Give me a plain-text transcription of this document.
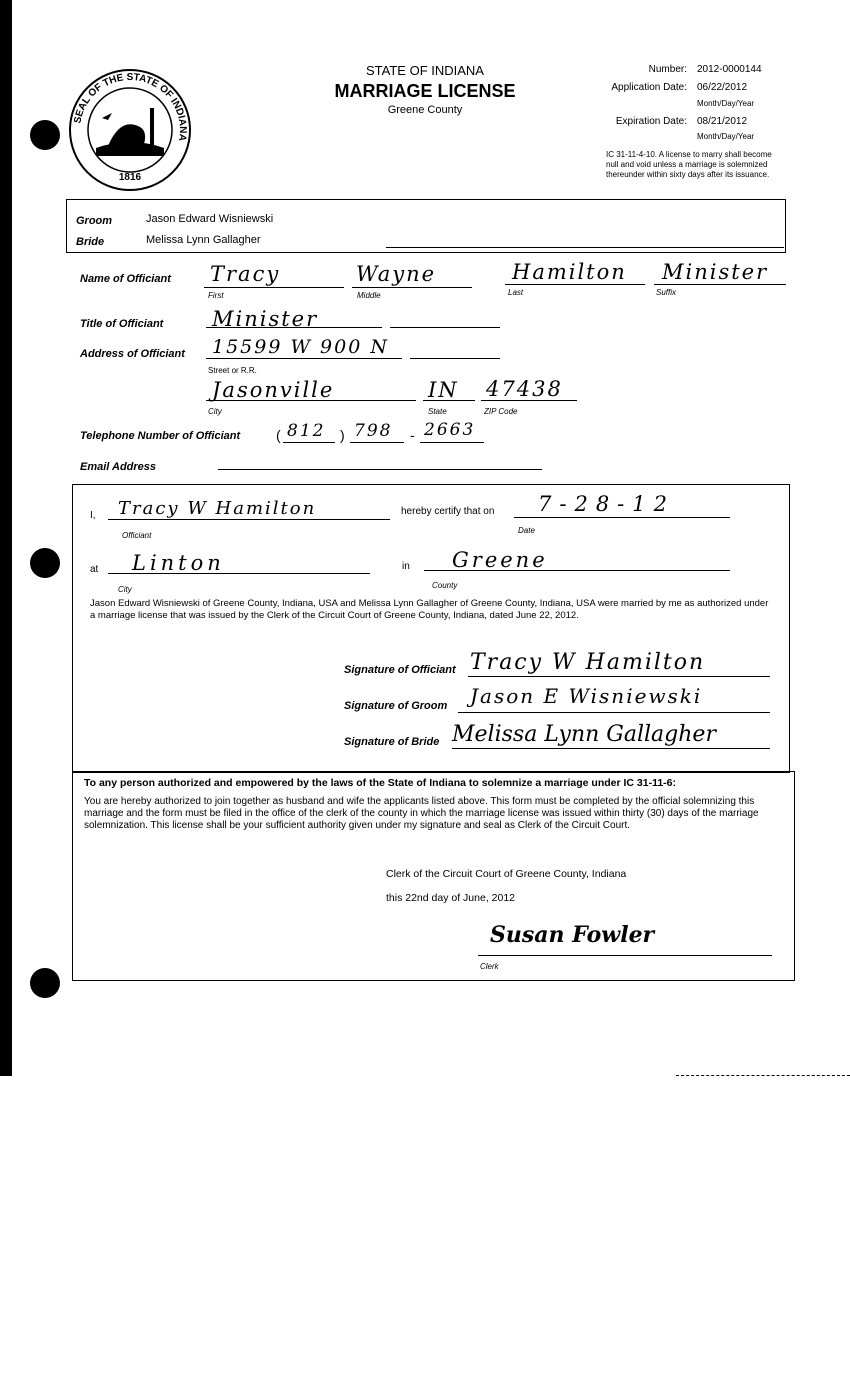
SEAL OF THE STATE OF INDIANA
1816
STATE OF INDIANA
MARRIAGE LICENSE
Greene County
Number: 2012-0000144
Application Date: 06/22/2012
Month/Day/Year
Expiration Date: 08/21/2012
Month/Day/Year
IC 31-11-4-10. A license to marry shall become null and void unless a marriage is solemnized thereunder within sixty days after its issuance.
Groom	Jason Edward Wisniewski
Bride	Melissa Lynn Gallagher
Name of Officiant Tracy
First
Wayne
Middle
Hamilton
Last
Minister
Suffix
Title of Officiant Minister
Address of Officiant 15599 W 900 N
Street or R.R.
Jasonville
City
IN
State
47438
ZIP Code
Telephone Number of Officiant	( 812 ) 798 - 2663
Email Address
I, Tracy W Hamilton
Officiant
hereby certify that on 7-28-12
Date
at Linton
City
in Greene
County
Jason Edward Wisniewski of Greene County, Indiana, USA and Melissa Lynn Gallagher of Greene County, Indiana, USA were married by me as authorized under a marriage license that was issued by the Clerk of the Circuit Court of Greene County, Indiana, dated June 22, 2012.
Signature of Officiant Tracy W Hamilton
Signature of Groom Jason E Wisniewski
Signature of Bride Melissa Lynn Gallagher
To any person authorized and empowered by the laws of the State of Indiana to solemnize a marriage under IC 31-11-6:
You are hereby authorized to join together as husband and wife the applicants listed above. This form must be completed by the official solemnizing this marriage and the form must be filed in the office of the clerk of the county in which the marriage license was issued within thirty (30) days of the marriage solemnization. This license shall be your sufficient authority given under my signature and seal as Clerk of the Circuit Court.
Clerk of the Circuit Court of Greene County, Indiana
this 22nd day of June, 2012
Susan Fowler
Clerk
